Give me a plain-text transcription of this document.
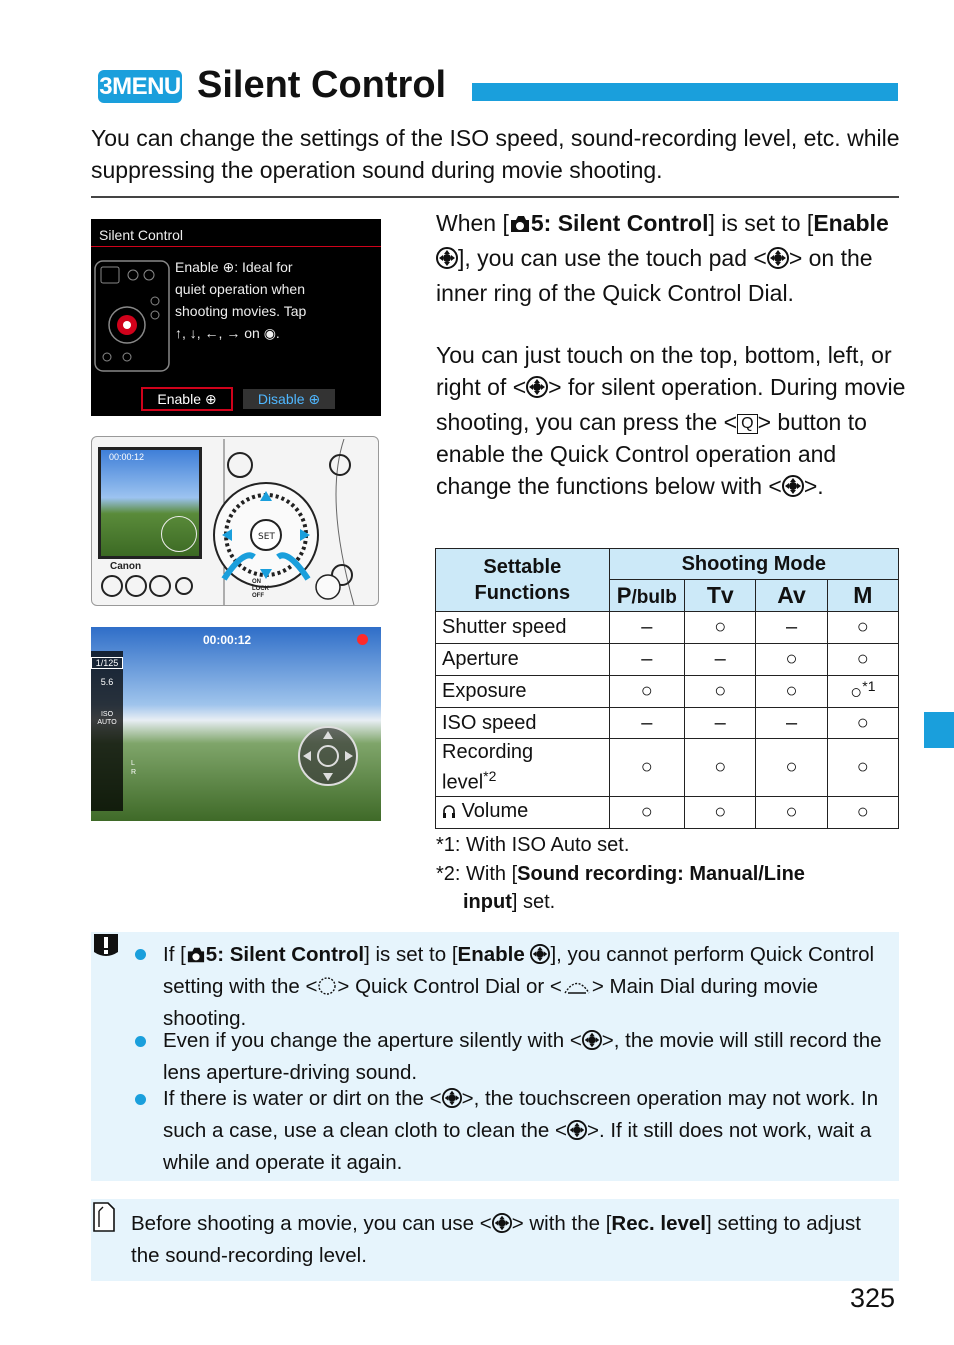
3 MENU Silent Control
You can change the settings of the ISO speed, sound-recording level, etc. while suppressing the operation sound during movie shooting.
Silent Control
Enable ⊕: Ideal for
quiet operation when
shooting movies. Tap
↑, ↓, ←, → on ◉.
Enable ⊕	Disable ⊕
00:00:12
Canon
SET
ON
LOCK
OFF
00:00:12
1/125
5.6
ISO
AUTO
L
R
When [ 5: Silent Control] is set to [Enable ], you can use the touch pad < > on the inner ring of the Quick Control Dial.
You can just touch on the top, bottom, left, or right of < > for silent operation. During movie shooting, you can press the < Q > button to enable the Quick Control operation and change the functions below with < >.
Settable Functions	Shooting Mode			
	P/bulb	Tv	Av	M
Shutter speed	–	○	–	○
Aperture	–	–	○	○
Exposure	○	○	○	○$^{*1}$
ISO speed	–	–	–	○
Recording
level$^{*2}$	○	○	○	○
Volume	○	○	○	○
*1: With ISO Auto set.
*2: With [Sound recording: Manual/Line
input] set.
If [ 5: Silent Control] is set to [Enable ], you cannot perform Quick Control setting with the < > Quick Control Dial or < > Main Dial during movie shooting.
Even if you change the aperture silently with < >, the movie will still record the lens aperture-driving sound.
If there is water or dirt on the < >, the touchscreen operation may not work. In such a case, use a clean cloth to clean the < >. If it still does not work, wait a while and operate it again.
Before shooting a movie, you can use < > with the [Rec. level] setting to adjust the sound-recording level.
325
